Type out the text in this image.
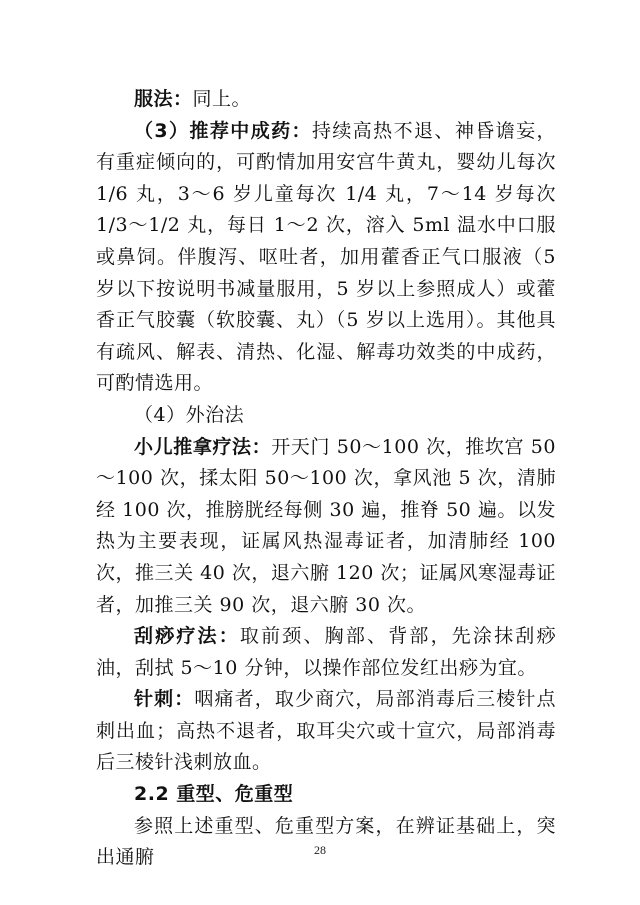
服法：同上。

（3）推荐中成药：持续高热不退、神昏谵妄，有重症倾向的，可酌情加用安宫牛黄丸，婴幼儿每次 1/6 丸，3～6 岁儿童每次 1/4 丸，7～14 岁每次 1/3～1/2 丸，每日 1～2 次，溶入 5ml 温水中口服或鼻饲。伴腹泻、呕吐者，加用藿香正气口服液（5 岁以下按说明书减量服用，5 岁以上参照成人）或藿香正气胶囊（软胶囊、丸）（5 岁以上选用）。其他具有疏风、解表、清热、化湿、解毒功效类的中成药，可酌情选用。

（4）外治法

小儿推拿疗法：开天门 50～100 次，推坎宫 50～100 次，揉太阳 50～100 次，拿风池 5 次，清肺经 100 次，推膀胱经每侧 30 遍，推脊 50 遍。以发热为主要表现，证属风热湿毒证者，加清肺经 100 次，推三关 40 次，退六腑 120 次；证属风寒湿毒证者，加推三关 90 次，退六腑 30 次。

刮痧疗法：取前颈、胸部、背部，先涂抹刮痧油，刮拭 5～10 分钟，以操作部位发红出痧为宜。

针刺：咽痛者，取少商穴，局部消毒后三棱针点刺出血；高热不退者，取耳尖穴或十宣穴，局部消毒后三棱针浅刺放血。

2.2 重型、危重型

参照上述重型、危重型方案，在辨证基础上，突出通腑	28
